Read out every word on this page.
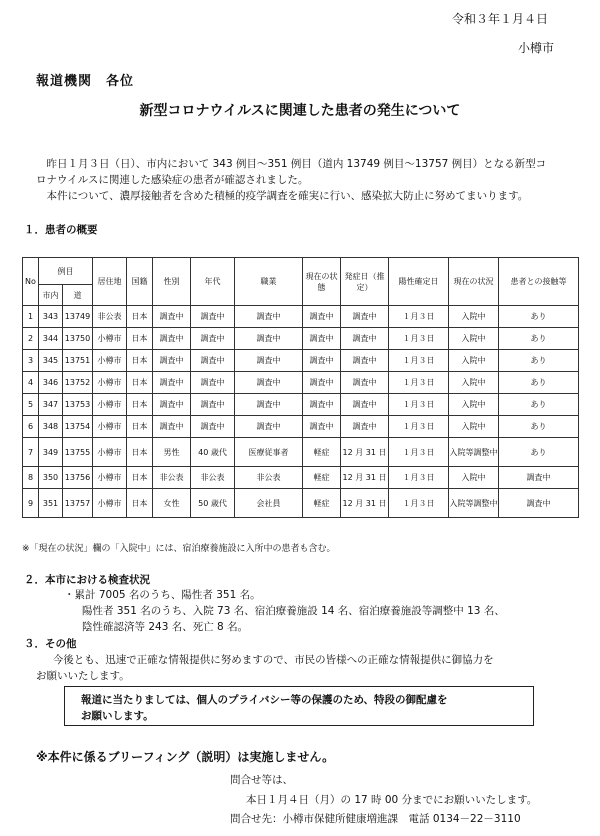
令和３年１月４日
小樽市
報道機関　各位
新型コロナウイルスに関連した患者の発生について
昨日１月３日（日）、市内において 343 例目～351 例目（道内 13749 例目～13757 例目）となる新型コ
ロナウイルスに関連した感染症の患者が確認されました。
本件について、濃厚接触者を含めた積極的疫学調査を確実に行い、感染拡大防止に努めてまいります。
１．患者の概要
No	例目		居住地	国籍	性別	年代	職業	現在の状態	発症日（推定）	陽性確定日	現在の状況	患者との接触等
	市内	道										
1	343	13749	非公表	日本	調査中	調査中	調査中	調査中	調査中	１月３日	入院中	あり
2	344	13750	小樽市	日本	調査中	調査中	調査中	調査中	調査中	１月３日	入院中	あり
3	345	13751	小樽市	日本	調査中	調査中	調査中	調査中	調査中	１月３日	入院中	あり
4	346	13752	小樽市	日本	調査中	調査中	調査中	調査中	調査中	１月３日	入院中	あり
5	347	13753	小樽市	日本	調査中	調査中	調査中	調査中	調査中	１月３日	入院中	あり
6	348	13754	小樽市	日本	調査中	調査中	調査中	調査中	調査中	１月３日	入院中	あり
7	349	13755	小樽市	日本	男性	40 歳代	医療従事者	軽症	12 月 31 日	１月３日	入院等調整中	あり
8	350	13756	小樽市	日本	非公表	非公表	非公表	軽症	12 月 31 日	１月３日	入院中	調査中
9	351	13757	小樽市	日本	女性	50 歳代	会社員	軽症	12 月 31 日	１月３日	入院等調整中	調査中
※「現在の状況」欄の「入院中」には、宿泊療養施設に入所中の患者も含む。
２．本市における検査状況
・累計 7005 名のうち、陽性者 351 名。
陽性者 351 名のうち、入院 73 名、宿泊療養施設 14 名、宿泊療養施設等調整中 13 名、
陰性確認済等 243 名、死亡 8 名。
３．その他
今後とも、迅速で正確な情報提供に努めますので、市民の皆様への正確な情報提供に御協力を
お願いいたします。
報道に当たりましては、個人のプライバシー等の保護のため、特段の御配慮を
お願いします。
※本件に係るブリーフィング（説明）は実施しません。
問合せ等は、
本日１月４日（月）の 17 時 00 分までにお願いいたします。
問合せ先：小樽市保健所健康増進課　電話 0134－22－3110
